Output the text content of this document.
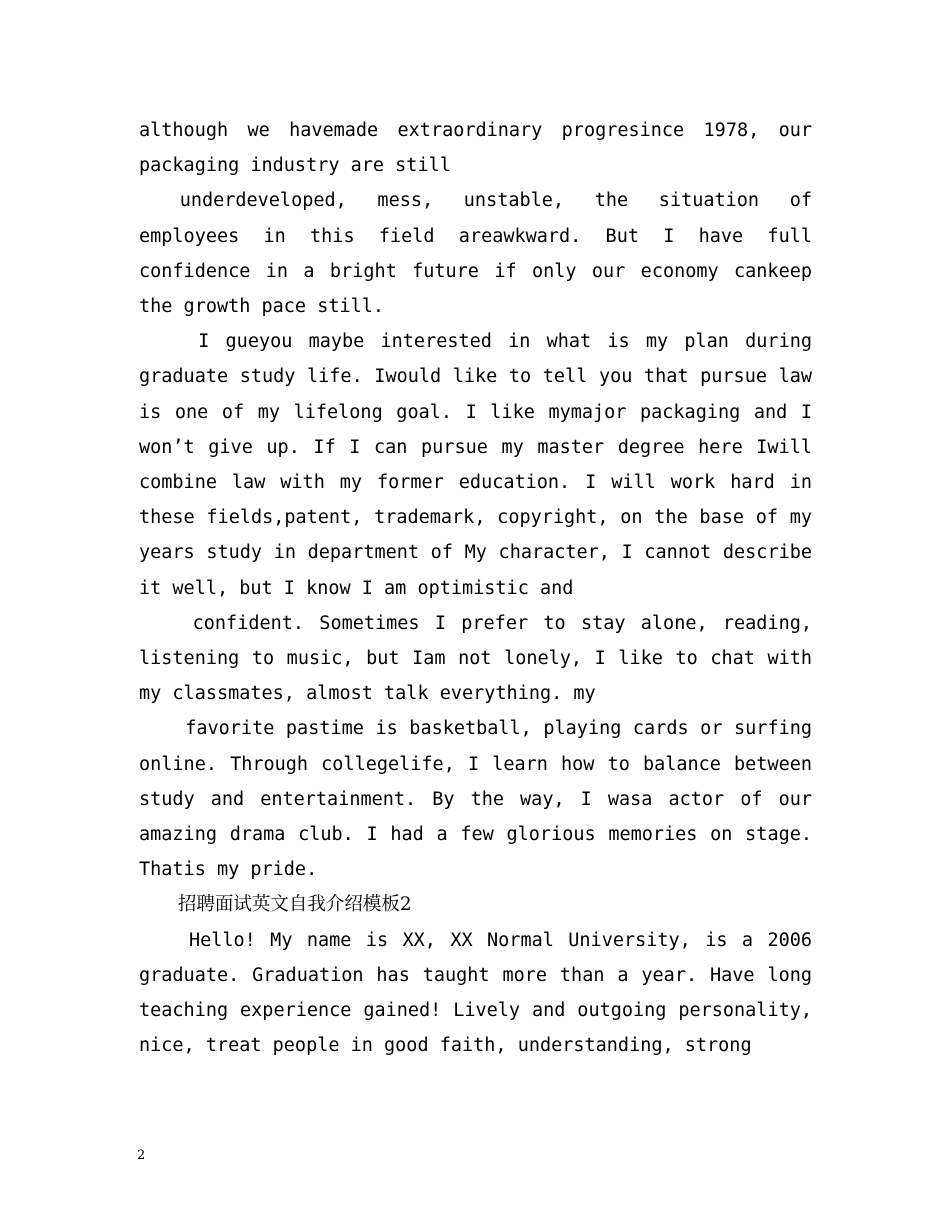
although we havemade extraordinary progresince 1978, our packaging industry are still

underdeveloped, mess, unstable, the situation of employees in this field areawkward. But I have full confidence in a bright future if only our economy cankeep the growth pace still.

I gueyou maybe interested in what is my plan during graduate study life. Iwould like to tell you that pursue law is one of my lifelong goal. I like mymajor packaging and I won’t give up. If I can pursue my master degree here Iwill combine law with my former education. I will work hard in these fields,patent, trademark, copyright, on the base of my years study in department of My character, I cannot describe it well, but I know I am optimistic and

confident. Sometimes I prefer to stay alone, reading, listening to music, but Iam not lonely, I like to chat with my classmates, almost talk everything. my

favorite pastime is basketball, playing cards or surfing online. Through collegelife, I learn how to balance between study and entertainment. By the way, I wasa actor of our amazing drama club. I had a few glorious memories on stage. Thatis my pride.

招聘面试英文自我介绍模板2

Hello! My name is XX, XX Normal University, is a 2006 graduate. Graduation has taught more than a year. Have long teaching experience gained! Lively and outgoing personality, nice, treat people in good faith, understanding, strong

2
